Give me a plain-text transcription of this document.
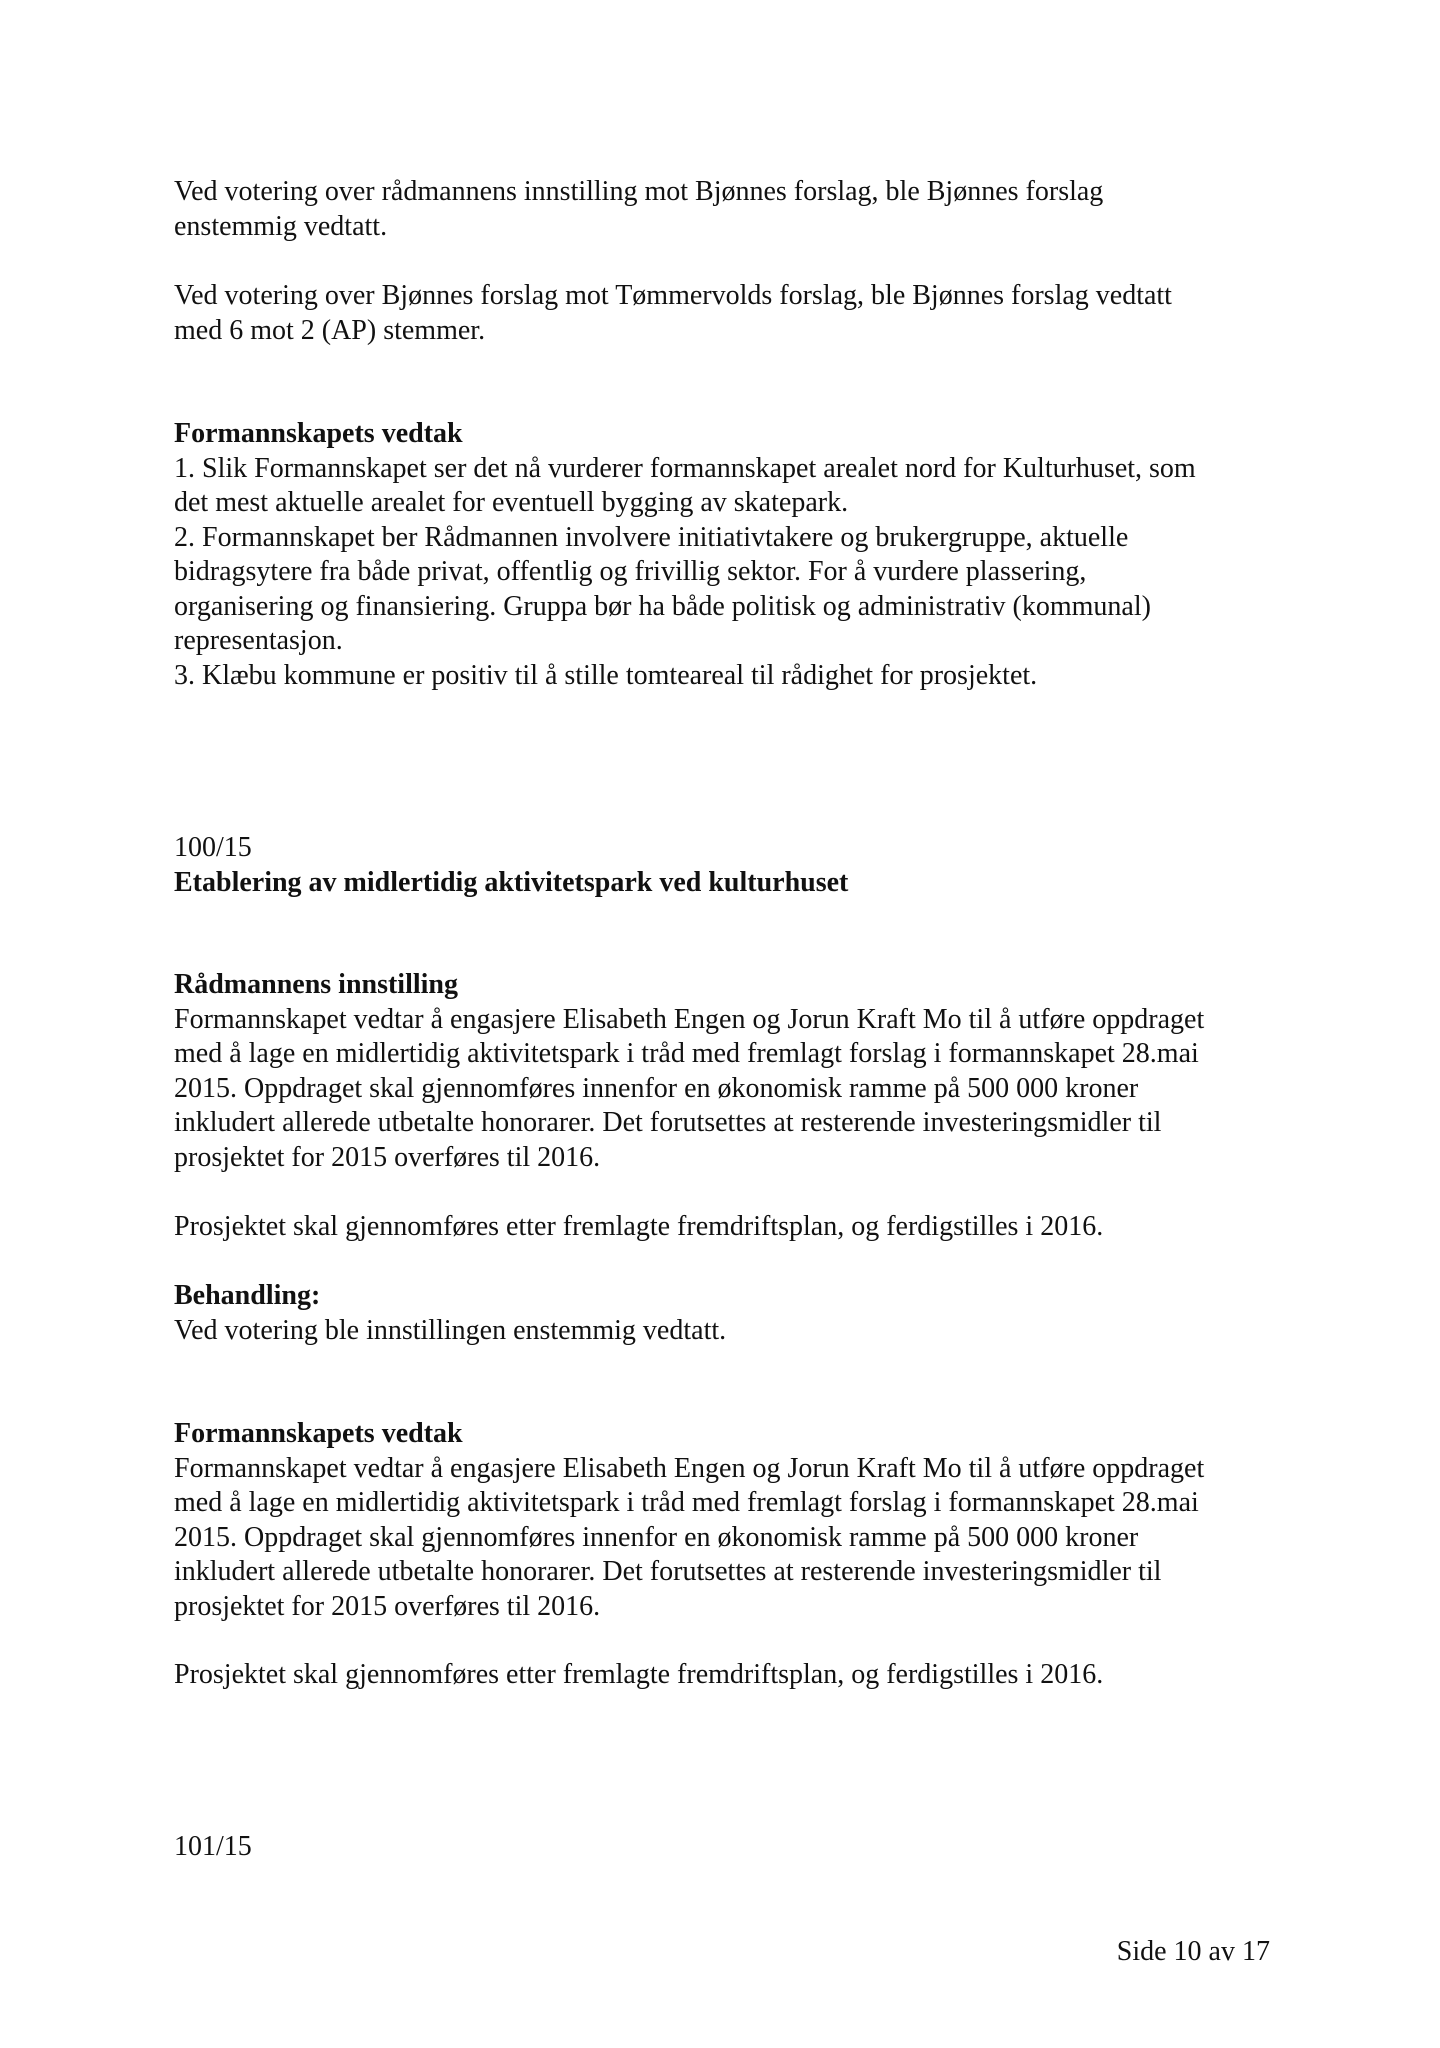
Ved votering over rådmannens innstilling mot Bjønnes forslag, ble Bjønnes forslag
enstemmig vedtatt.
Ved votering over Bjønnes forslag mot Tømmervolds forslag, ble Bjønnes forslag vedtatt
med 6 mot 2 (AP) stemmer.
Formannskapets vedtak
1. Slik Formannskapet ser det nå vurderer formannskapet arealet nord for Kulturhuset, som
det mest aktuelle arealet for eventuell bygging av skatepark.
2. Formannskapet ber Rådmannen involvere initiativtakere og brukergruppe, aktuelle
bidragsytere fra både privat, offentlig og frivillig sektor. For å vurdere plassering,
organisering og finansiering. Gruppa bør ha både politisk og administrativ (kommunal)
representasjon.
3. Klæbu kommune er positiv til å stille tomteareal til rådighet for prosjektet.
100/15
Etablering av midlertidig aktivitetspark ved kulturhuset
Rådmannens innstilling
Formannskapet vedtar å engasjere Elisabeth Engen og Jorun Kraft Mo til å utføre oppdraget
med å lage en midlertidig aktivitetspark i tråd med fremlagt forslag i formannskapet 28.mai
2015. Oppdraget skal gjennomføres innenfor en økonomisk ramme på 500 000 kroner
inkludert allerede utbetalte honorarer. Det forutsettes at resterende investeringsmidler til
prosjektet for 2015 overføres til 2016.
Prosjektet skal gjennomføres etter fremlagte fremdriftsplan, og ferdigstilles i 2016.
Behandling:
Ved votering ble innstillingen enstemmig vedtatt.
Formannskapets vedtak
Formannskapet vedtar å engasjere Elisabeth Engen og Jorun Kraft Mo til å utføre oppdraget
med å lage en midlertidig aktivitetspark i tråd med fremlagt forslag i formannskapet 28.mai
2015. Oppdraget skal gjennomføres innenfor en økonomisk ramme på 500 000 kroner
inkludert allerede utbetalte honorarer. Det forutsettes at resterende investeringsmidler til
prosjektet for 2015 overføres til 2016.
Prosjektet skal gjennomføres etter fremlagte fremdriftsplan, og ferdigstilles i 2016.
101/15
Side 10 av 17
